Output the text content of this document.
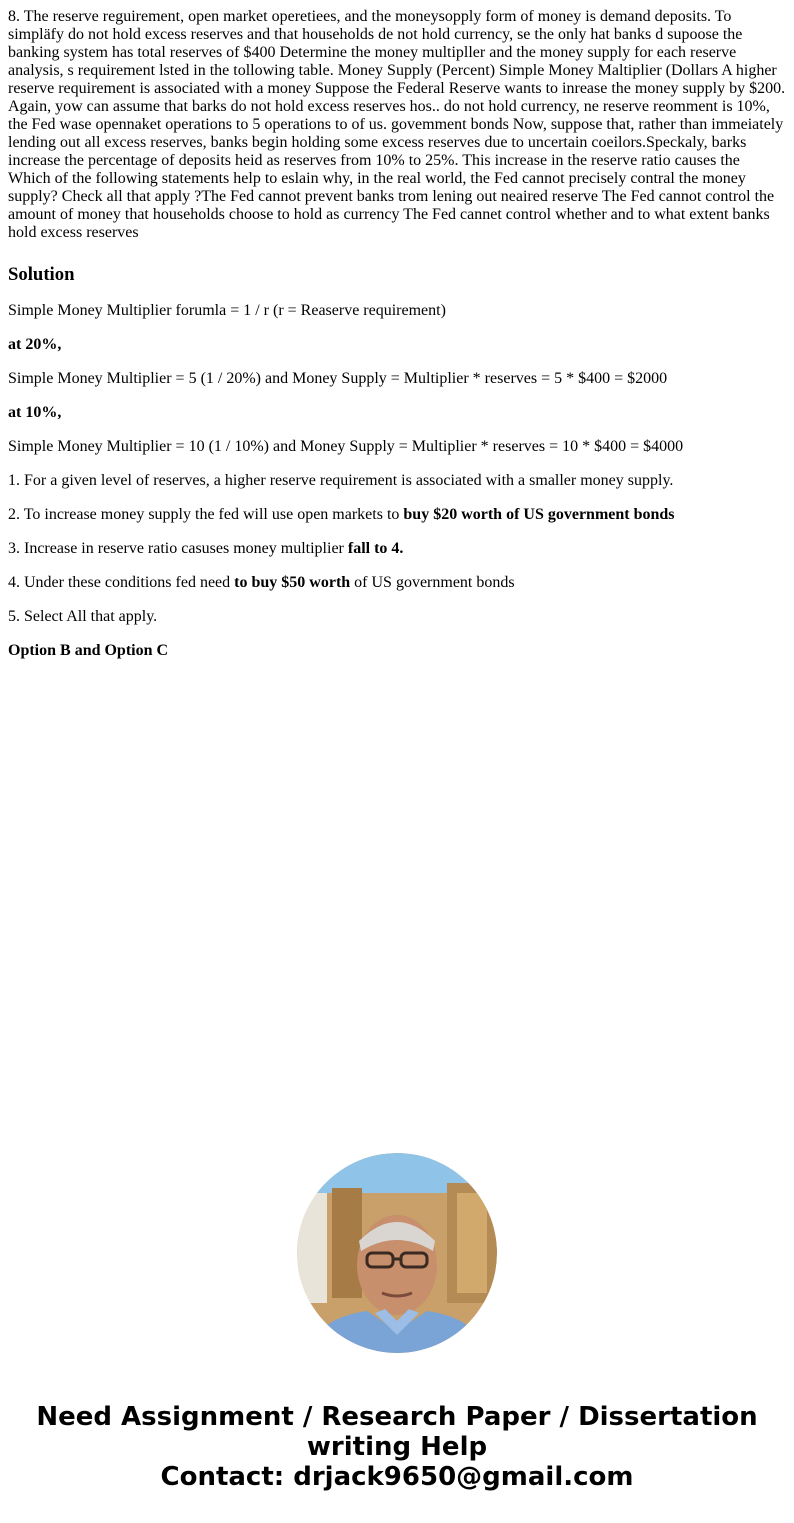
8. The reserve reguirement, open market operetiees, and the moneysopply form of money is demand deposits. To simpläfy do not hold excess reserves and that households de not hold currency, se the only hat banks d supoose the banking system has total reserves of $400 Determine the money multipller and the money supply for each reserve analysis, s requirement lsted in the tollowing table. Money Supply (Percent) Simple Money Maltiplier (Dollars A higher reserve requirement is associated with a money Suppose the Federal Reserve wants to inrease the money supply by $200. Again, yow can assume that barks do not hold excess reserves hos.. do not hold currency, ne reserve reomment is 10%, the Fed wase opennaket operations to 5 operations to of us. govemment bonds Now, suppose that, rather than immeiately lending out all excess reserves, banks begin holding some excess reserves due to uncertain coeilors.Speckaly, barks increase the percentage of deposits heid as reserves from 10% to 25%. This increase in the reserve ratio causes the Which of the following statements help to eslain why, in the real world, the Fed cannot precisely contral the money supply? Check all that apply ?The Fed cannot prevent banks trom lening out neaired reserve The Fed cannot control the amount of money that households choose to hold as currency The Fed cannet control whether and to what extent banks hold excess reserves

Solution

Simple Money Multiplier forumla = 1 / r (r = Reaserve requirement)

at 20%,

Simple Money Multiplier = 5 (1 / 20%) and Money Supply = Multiplier * reserves = 5 * $400 = $2000

at 10%,

Simple Money Multiplier = 10 (1 / 10%) and Money Supply = Multiplier * reserves = 10 * $400 = $4000

1. For a given level of reserves, a higher reserve requirement is associated with a smaller money supply.

2. To increase money supply the fed will use open markets to buy $20 worth of US government bonds

3. Increase in reserve ratio casuses money multiplier fall to 4.

4. Under these conditions fed need to buy $50 worth of US government bonds

5. Select All that apply.

Option B and Option C

Need Assignment / Research Paper / Dissertation
writing Help
Contact: drjack9650@gmail.com
